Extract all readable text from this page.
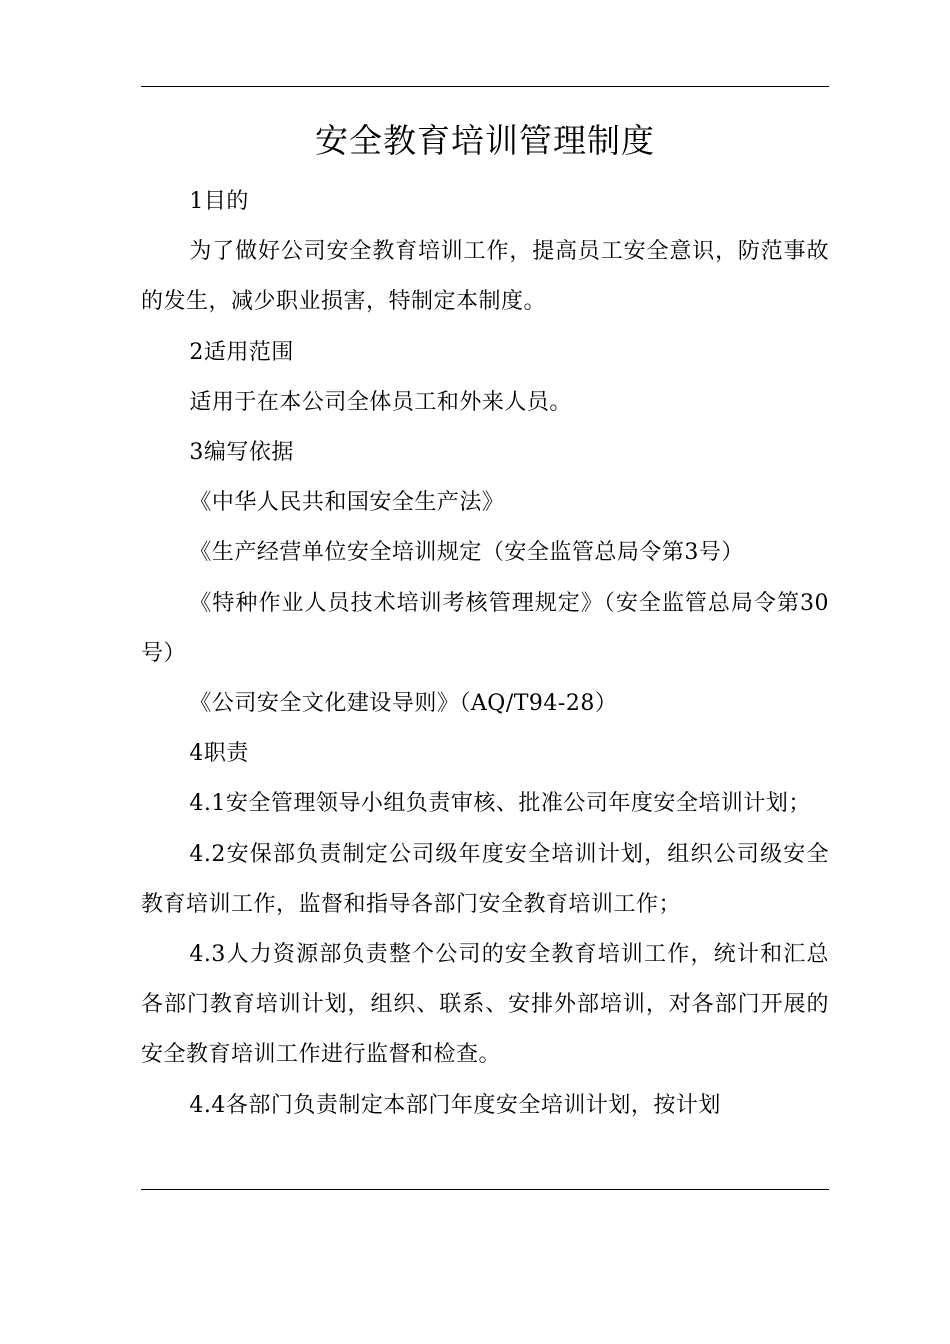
安全教育培训管理制度

1目的

为了做好公司安全教育培训工作，提高员工安全意识，防范事故的发生，减少职业损害，特制定本制度。

2适用范围

适用于在本公司全体员工和外来人员。

3编写依据

《中华人民共和国安全生产法》

《生产经营单位安全培训规定（安全监管总局令第3号）

《特种作业人员技术培训考核管理规定》（安全监管总局令第30号）

《公司安全文化建设导则》（AQ/T94-28）

4职责

4.1安全管理领导小组负责审核、批准公司年度安全培训计划；

4.2安保部负责制定公司级年度安全培训计划，组织公司级安全教育培训工作，监督和指导各部门安全教育培训工作；

4.3人力资源部负责整个公司的安全教育培训工作，统计和汇总各部门教育培训计划，组织、联系、安排外部培训，对各部门开展的安全教育培训工作进行监督和检查。

4.4各部门负责制定本部门年度安全培训计划，按计划
